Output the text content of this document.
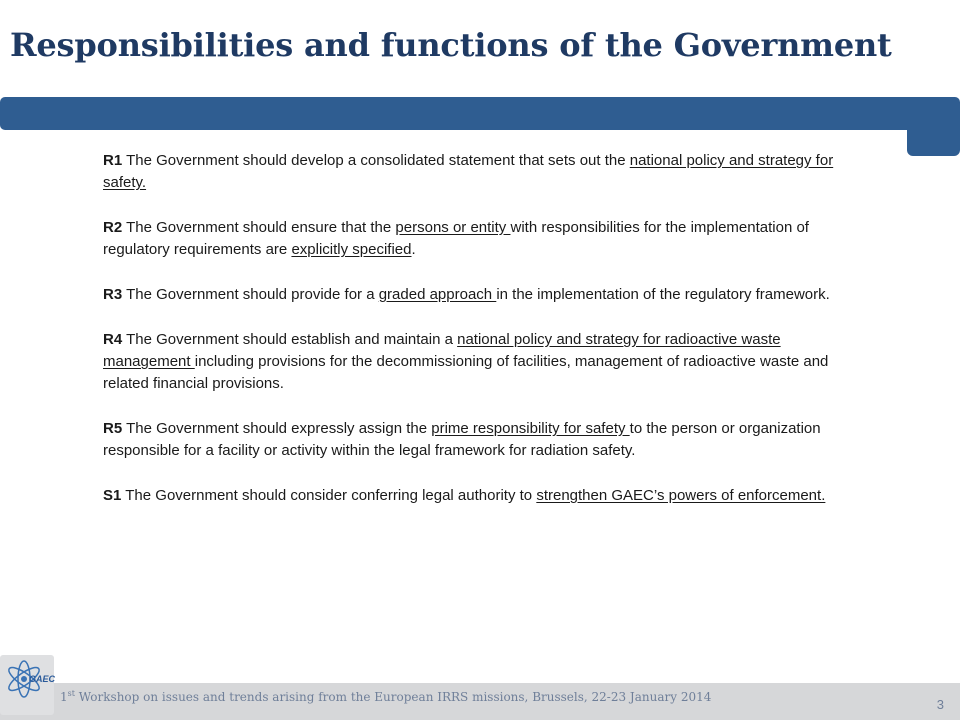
Responsibilities and functions of the Government

R1 The Government should develop a consolidated statement that sets out the national policy and strategy for safety.

R2 The Government should ensure that the persons or entity with responsibilities for the implementation of regulatory requirements are explicitly specified.

R3 The Government should provide for a graded approach in the implementation of the regulatory framework.

R4 The Government should establish and maintain a national policy and strategy for radioactive waste management including provisions for the decommissioning of facilities, management of radioactive waste and related financial provisions.

R5 The Government should expressly assign the prime responsibility for safety to the person or organization responsible for a facility or activity within the legal framework for radiation safety.

S1 The Government should consider conferring legal authority to strengthen GAEC’s powers of enforcement.

GAEC
1st Workshop on issues and trends arising from the European IRRS missions, Brussels, 22-23 January 2014	3
